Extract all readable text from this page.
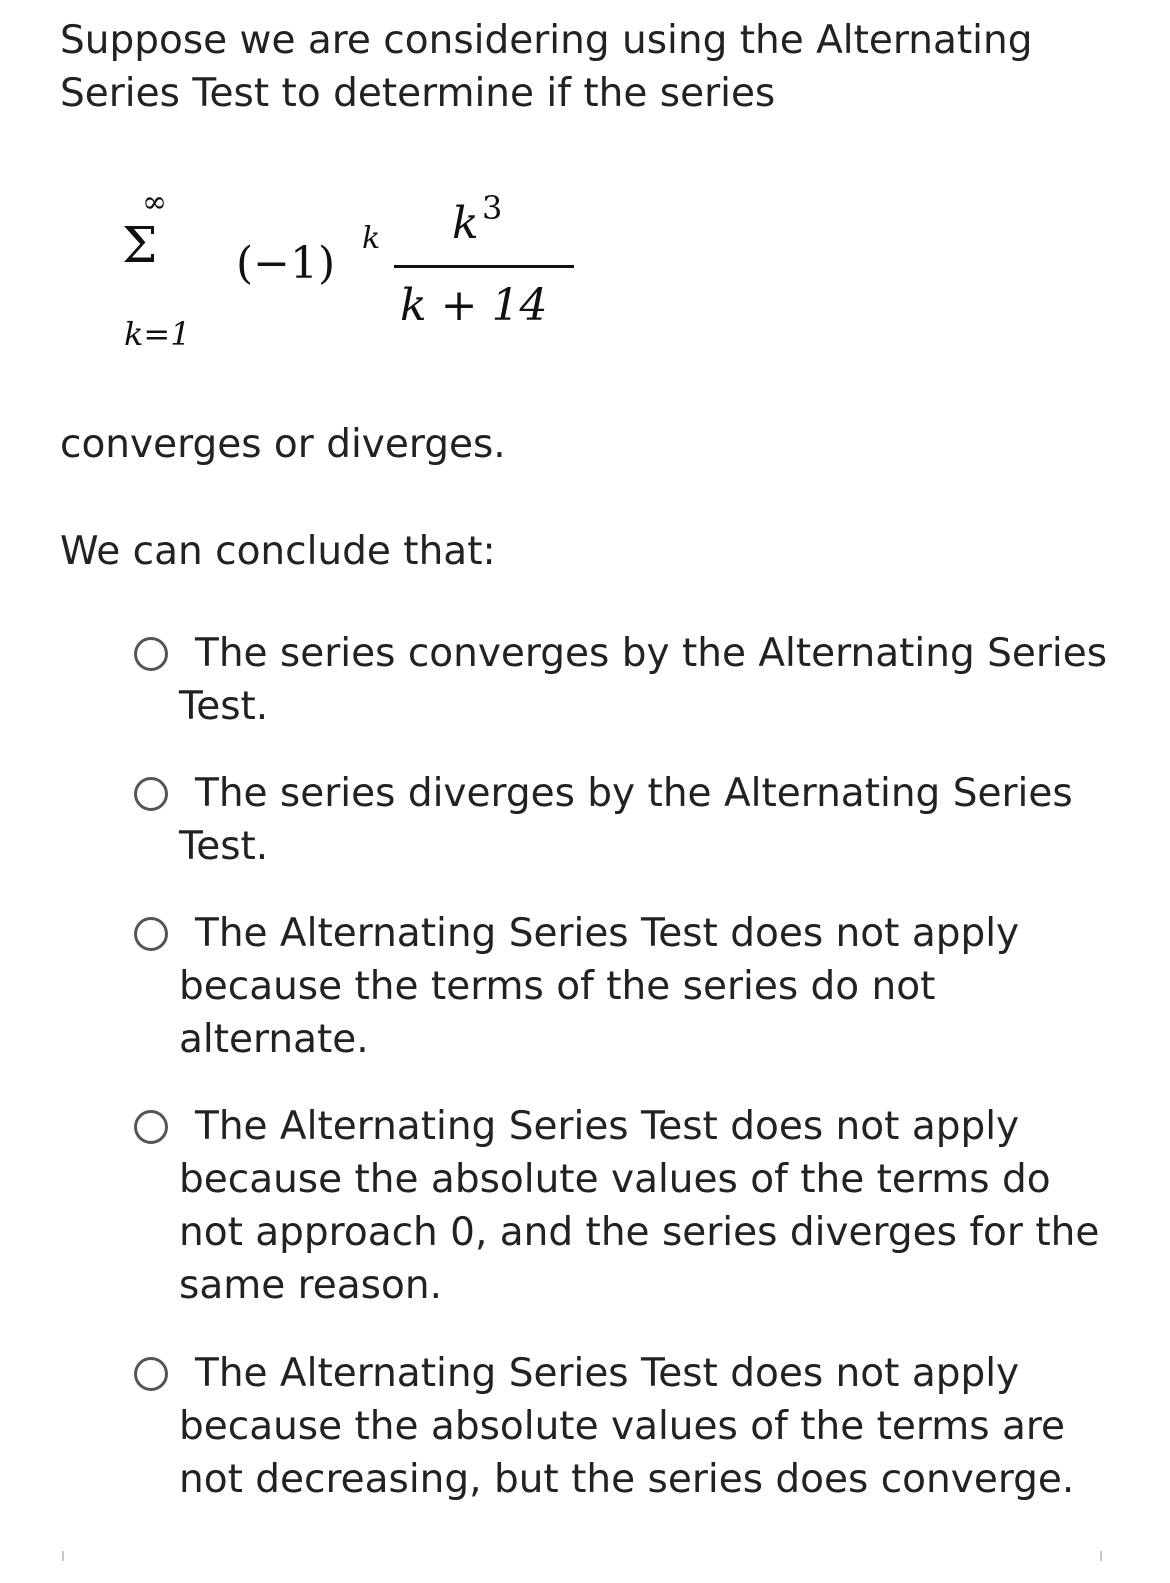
Suppose we are considering using the Alternating Series Test to determine if the series

∞
Σ
k=1
(−1) k k 3
k + 14

converges or diverges.

We can conclude that:

The series converges by the Alternating Series Test.
The series diverges by the Alternating Series Test.
The Alternating Series Test does not apply because the terms of the series do not alternate.
The Alternating Series Test does not apply because the absolute values of the terms do not approach 0, and the series diverges for the same reason.
The Alternating Series Test does not apply because the absolute values of the terms are not decreasing, but the series does converge.
